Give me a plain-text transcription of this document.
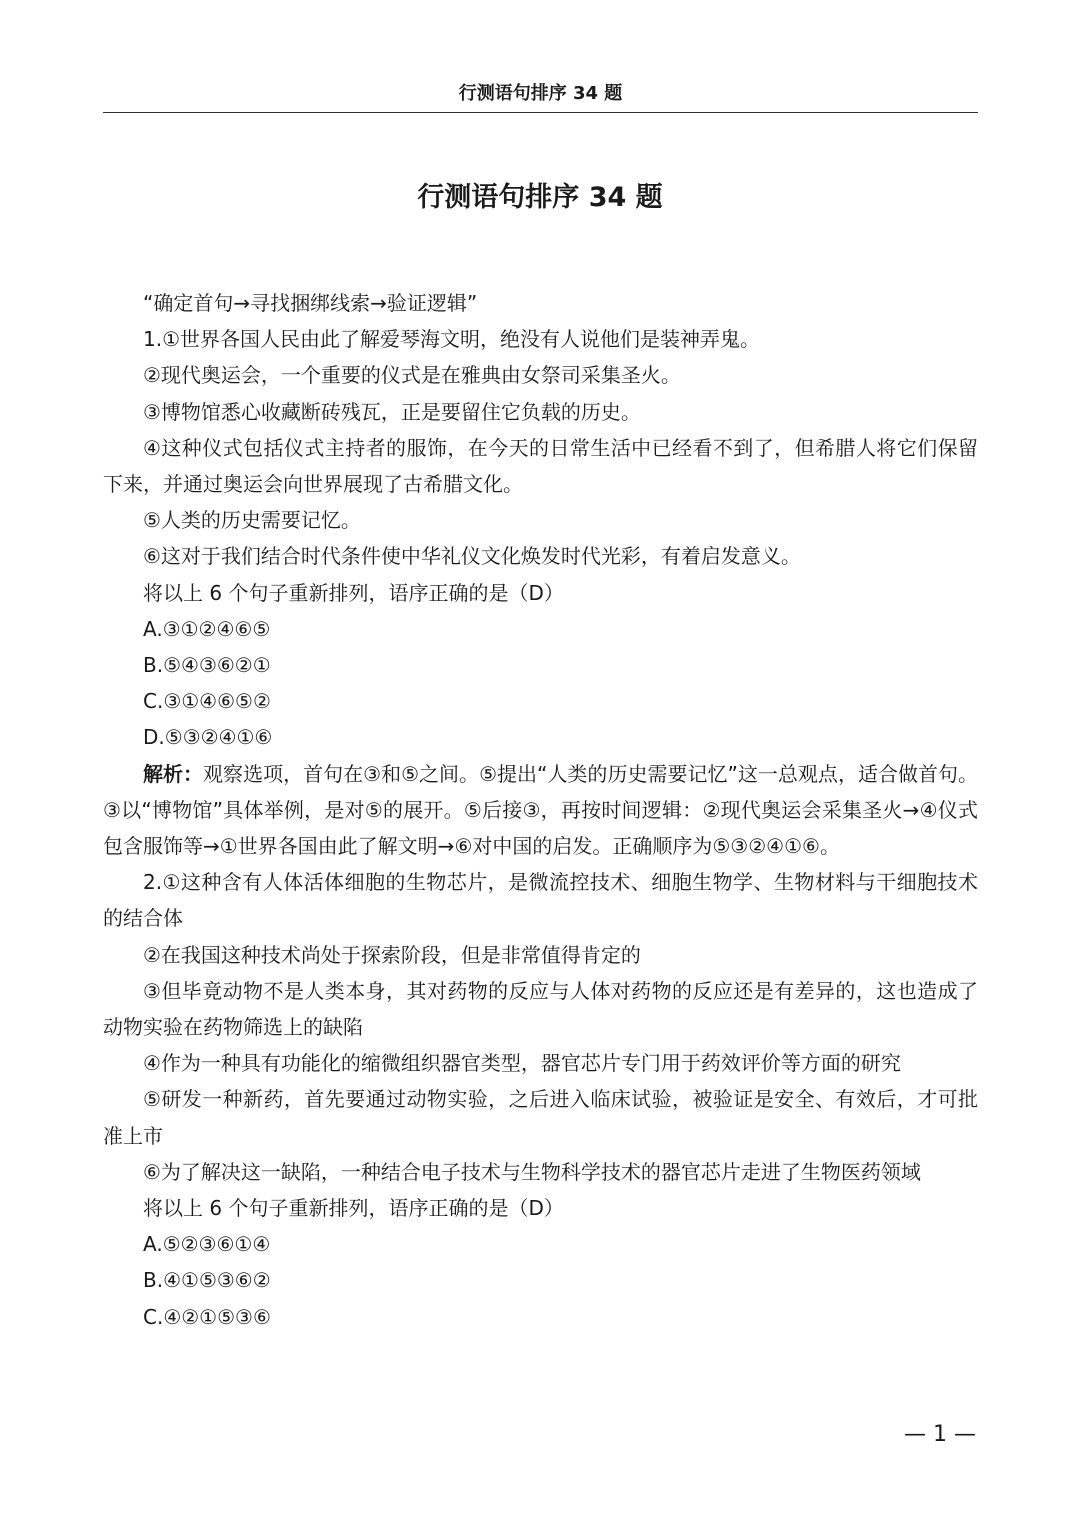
行测语句排序 34 题
行测语句排序 34 题

“确定首句→寻找捆绑线索→验证逻辑”

1.①世界各国人民由此了解爱琴海文明，绝没有人说他们是装神弄鬼。

②现代奥运会，一个重要的仪式是在雅典由女祭司采集圣火。

③博物馆悉心收藏断砖残瓦，正是要留住它负载的历史。

④这种仪式包括仪式主持者的服饰，在今天的日常生活中已经看不到了，但希腊人将它们保留下来，并通过奥运会向世界展现了古希腊文化。

⑤人类的历史需要记忆。

⑥这对于我们结合时代条件使中华礼仪文化焕发时代光彩，有着启发意义。

将以上 6 个句子重新排列，语序正确的是（D）

A.③①②④⑥⑤

B.⑤④③⑥②①

C.③①④⑥⑤②

D.⑤③②④①⑥

解析：观察选项，首句在③和⑤之间。⑤提出“人类的历史需要记忆”这一总观点，适合做首句。③以“博物馆”具体举例，是对⑤的展开。⑤后接③，再按时间逻辑：②现代奥运会采集圣火→④仪式包含服饰等→①世界各国由此了解文明→⑥对中国的启发。正确顺序为⑤③②④①⑥。

2.①这种含有人体活体细胞的生物芯片，是微流控技术、细胞生物学、生物材料与干细胞技术的结合体

②在我国这种技术尚处于探索阶段，但是非常值得肯定的

③但毕竟动物不是人类本身，其对药物的反应与人体对药物的反应还是有差异的，这也造成了动物实验在药物筛选上的缺陷

④作为一种具有功能化的缩微组织器官类型，器官芯片专门用于药效评价等方面的研究

⑤研发一种新药，首先要通过动物实验，之后进入临床试验，被验证是安全、有效后，才可批准上市

⑥为了解决这一缺陷，一种结合电子技术与生物科学技术的器官芯片走进了生物医药领域

将以上 6 个句子重新排列，语序正确的是（D）

A.⑤②③⑥①④

B.④①⑤③⑥②

C.④②①⑤③⑥

— 1 —
